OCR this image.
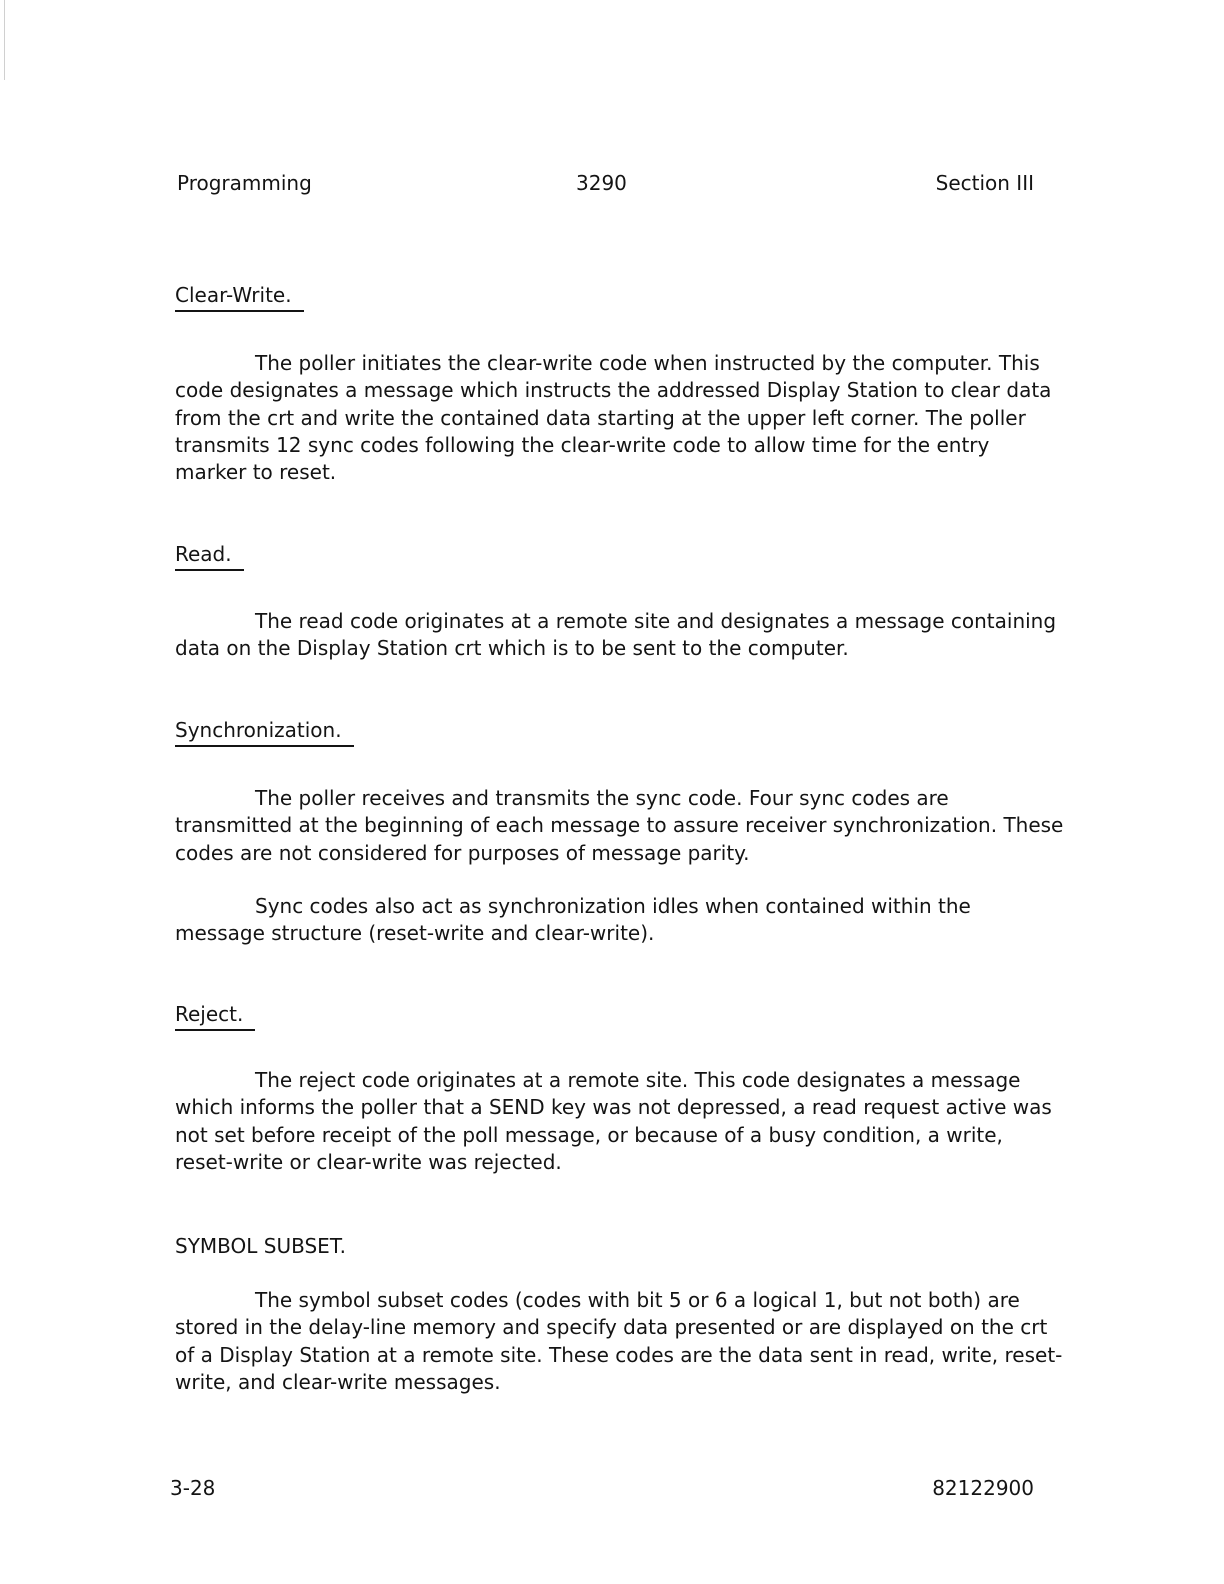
Programming	3290	Section III
Clear-Write.

The poller initiates the clear-write code when instructed by the computer. This code designates a message which instructs the addressed Display Station to clear data from the crt and write the contained data starting at the upper left corner. The poller transmits 12 sync codes following the clear-write code to allow time for the entry marker to reset.

Read.

The read code originates at a remote site and designates a message containing data on the Display Station crt which is to be sent to the computer.

Synchronization.

The poller receives and transmits the sync code. Four sync codes are transmitted at the beginning of each message to assure receiver synchronization. These codes are not considered for purposes of message parity.

Sync codes also act as synchronization idles when contained within the message structure (reset-write and clear-write).

Reject.

The reject code originates at a remote site. This code designates a message which informs the poller that a SEND key was not depressed, a read request active was not set before receipt of the poll message, or because of a busy condition, a write, reset-write or clear-write was rejected.

SYMBOL SUBSET.

The symbol subset codes (codes with bit 5 or 6 a logical 1, but not both) are stored in the delay-line memory and specify data presented or are displayed on the crt of a Display Station at a remote site. These codes are the data sent in read, write, reset-write, and clear-write messages.

3-28	82122900
